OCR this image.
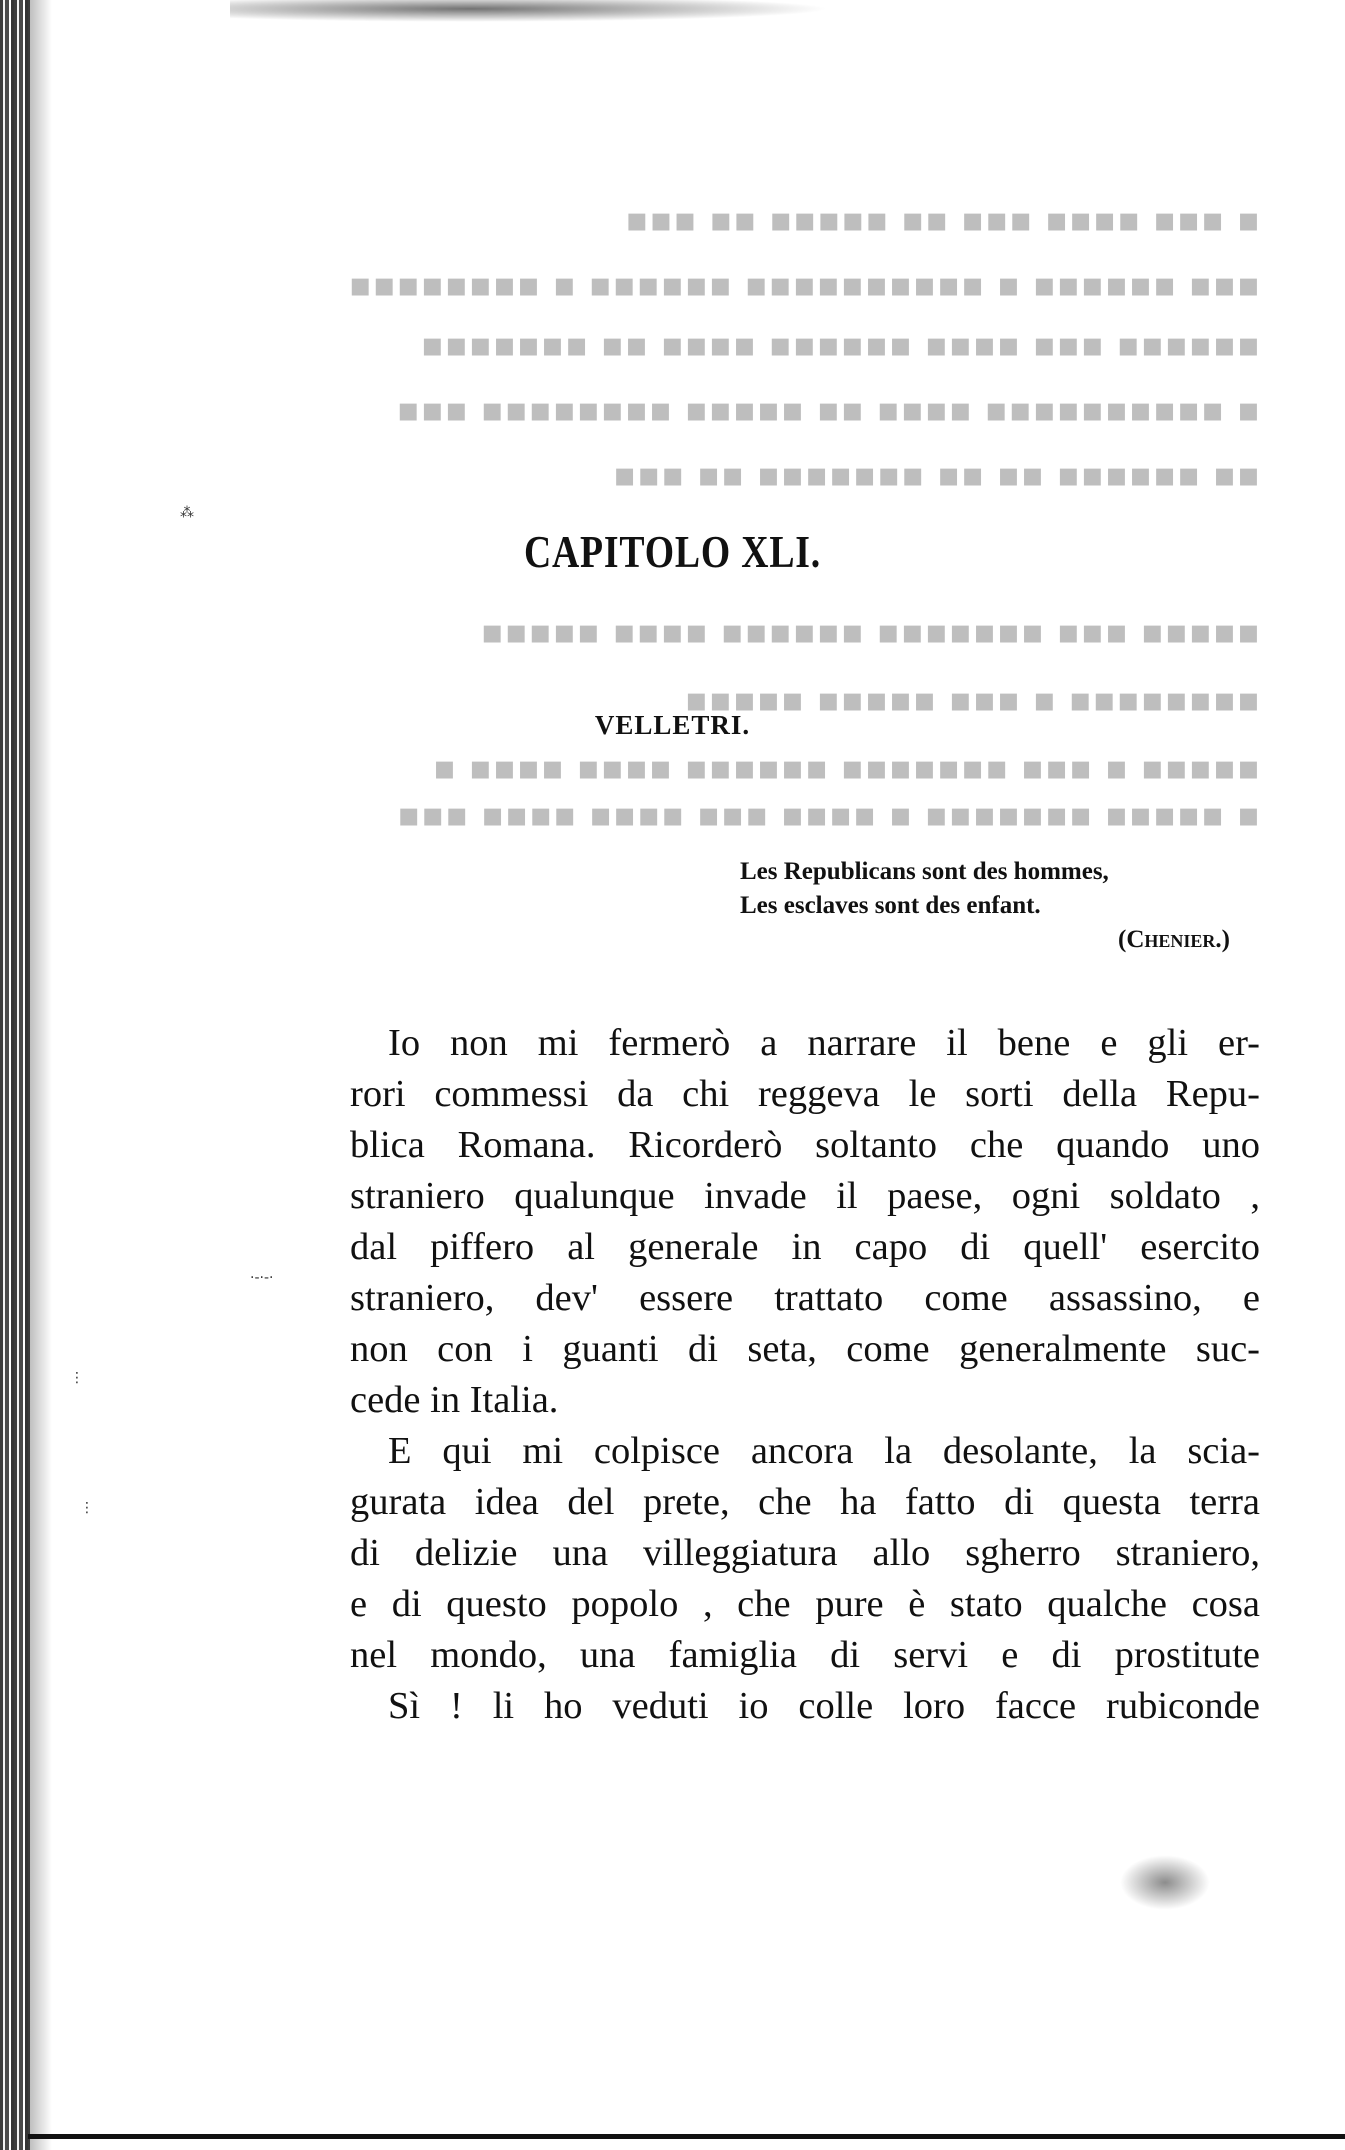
▪ ▪▪▪ ▪▪▪▪ ▪▪▪ ▪▪ ▪▪▪▪▪ ▪▪ ▪▪▪
▪▪▪ ▪▪▪▪▪▪ ▪ ▪▪▪▪▪▪▪▪▪▪ ▪▪▪▪▪▪ ▪ ▪▪▪▪▪▪▪▪
▪▪▪▪▪▪ ▪▪▪ ▪▪▪▪ ▪▪▪▪▪▪ ▪▪▪▪ ▪▪ ▪▪▪▪▪▪▪
▪ ▪▪▪▪▪▪▪▪▪▪ ▪▪▪▪ ▪▪ ▪▪▪▪▪ ▪▪▪▪▪▪▪▪ ▪▪▪
▪▪ ▪▪▪▪▪▪ ▪▪ ▪▪ ▪▪▪▪▪▪▪ ▪▪ ▪▪▪
▪▪▪▪▪ ▪▪▪ ▪▪▪▪▪▪▪ ▪▪▪▪▪▪ ▪▪▪▪ ▪▪▪▪▪
▪▪▪▪▪▪▪▪ ▪ ▪▪▪ ▪▪▪▪▪ ▪▪▪▪▪
▪▪▪▪▪ ▪ ▪▪▪ ▪▪▪▪▪▪▪ ▪▪▪▪▪▪ ▪▪▪▪ ▪▪▪▪ ▪
▪ ▪▪▪▪▪ ▪▪▪▪▪▪▪ ▪ ▪▪▪▪ ▪▪▪ ▪▪▪▪ ▪▪▪▪ ▪▪▪
⁂
·‐·‐·
⋮
⋮
CAPITOLO XLI.
VELLETRI.
Les Republicans sont des hommes,
Les esclaves sont des enfant.
(Chenier.)
Io non mi fermerò a narrare il bene e gli er-
rori commessi da chi reggeva le sorti della Repu-
blica Romana. Ricorderò soltanto che quando uno
straniero qualunque invade il paese, ogni soldato ,
dal piffero al generale in capo di quell' esercito
straniero, dev' essere trattato come assassino, e
non con i guanti di seta, come generalmente suc-
cede in Italia.
E qui mi colpisce ancora la desolante, la scia-
gurata idea del prete, che ha fatto di questa terra
di delizie una villeggiatura allo sgherro straniero,
e di questo popolo , che pure è stato qualche cosa
nel mondo, una famiglia di servi e di prostitute
Sì ! li ho veduti io colle loro facce rubiconde
